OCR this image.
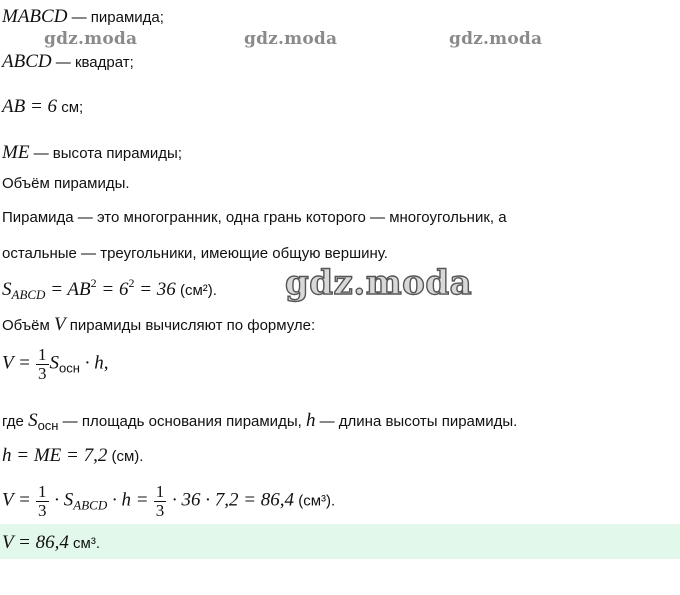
gdz.moda	gdz.moda	gdz.moda
MABCD — пирамида;
ABCD — квадрат;
AB = 6 см;
ME — высота пирамиды;
Объём пирамиды.
Пирамида — это многогранник, одна грань которого — многоугольник, а
остальные — треугольники, имеющие общую вершину.
SABCD = $AB^2 = 6^2 = 36$ (см²). gdz.moda
Объём V пирамиды вычисляют по формуле:
$V = \frac{1}{3}$ Sосн · h,
где Sосн — площадь основания пирамиды, h — длина высоты пирамиды.
h = ME = 7,2 (см).
$V = \frac{1}{3}$ · SABCD · $h = \frac{1}{3} \cdot 36 \cdot 7,2 = 86,4$ (см³).
V = 86,4 см³.
